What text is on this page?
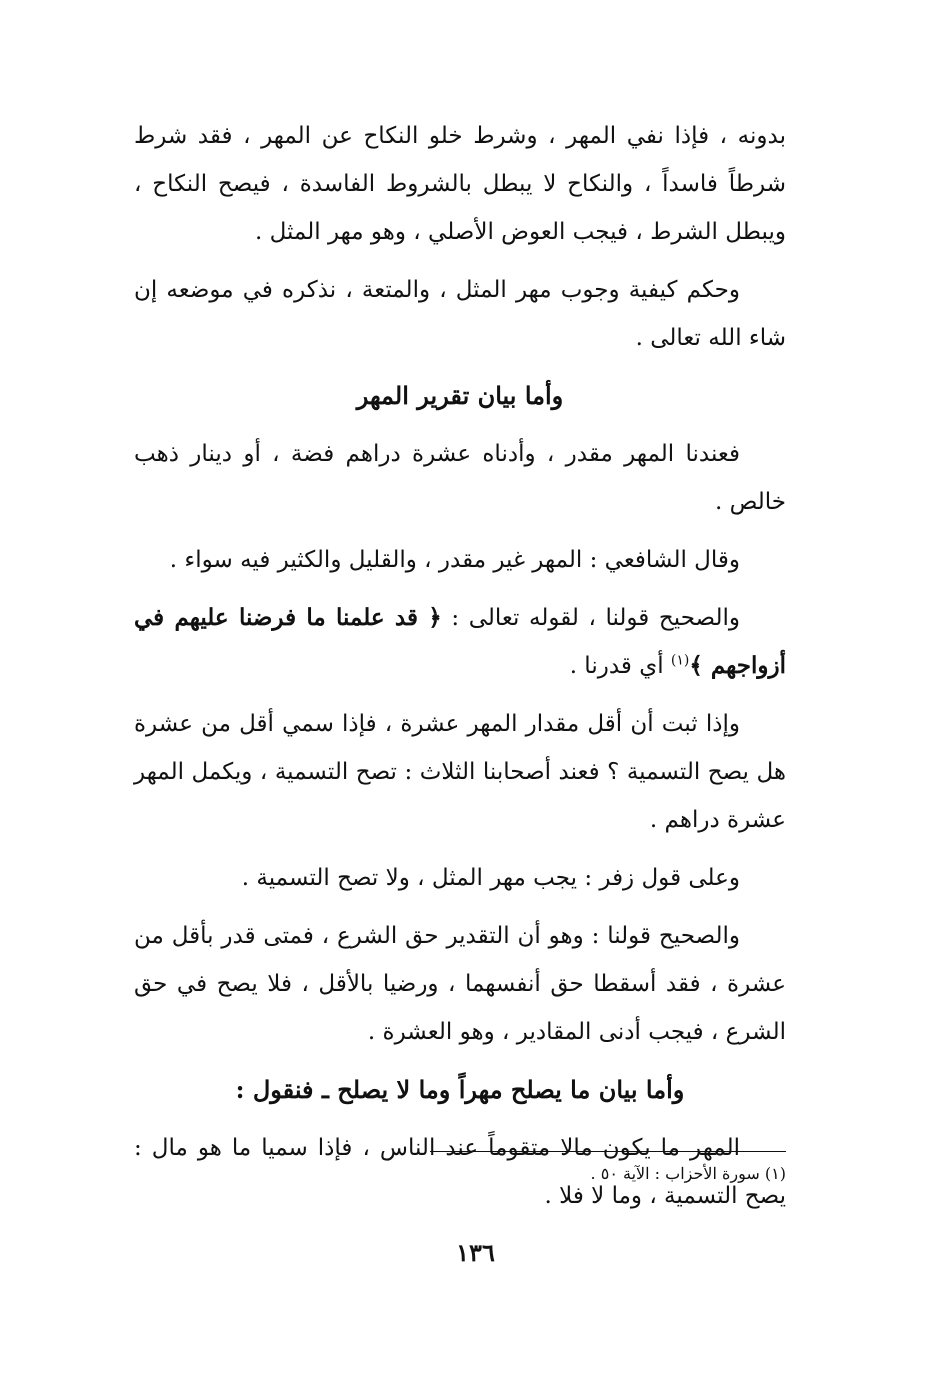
بدونه ، فإذا نفي المهر ، وشرط خلو النكاح عن المهر ، فقد شرط شرطاً فاسداً ، والنكاح لا يبطل بالشروط الفاسدة ، فيصح النكاح ، ويبطل الشرط ، فيجب العوض الأصلي ، وهو مهر المثل .

وحكم كيفية وجوب مهر المثل ، والمتعة ، نذكره في موضعه إن شاء الله تعالى .

وأما بيان تقرير المهر

فعندنا المهر مقدر ، وأدناه عشرة دراهم فضة ، أو دينار ذهب خالص .

وقال الشافعي : المهر غير مقدر ، والقليل والكثير فيه سواء .

والصحيح قولنا ، لقوله تعالى : ﴿ قد علمنا ما فرضنا عليهم في أزواجهم ﴾$^{(١)}$ أي قدرنا .

وإذا ثبت أن أقل مقدار المهر عشرة ، فإذا سمي أقل من عشرة هل يصح التسمية ؟ فعند أصحابنا الثلاث : تصح التسمية ، ويكمل المهر عشرة دراهم .

وعلى قول زفر : يجب مهر المثل ، ولا تصح التسمية .

والصحيح قولنا : وهو أن التقدير حق الشرع ، فمتى قدر بأقل من عشرة ، فقد أسقطا حق أنفسهما ، ورضيا بالأقل ، فلا يصح في حق الشرع ، فيجب أدنى المقادير ، وهو العشرة .

وأما بيان ما يصلح مهراً وما لا يصلح ـ فنقول :

المهر ما يكون مالا متقوماً عند الناس ، فإذا سميا ما هو مال : يصح التسمية ، وما لا فلا .

(١) سورة الأحزاب : الآية ٥٠ .
١٣٦
